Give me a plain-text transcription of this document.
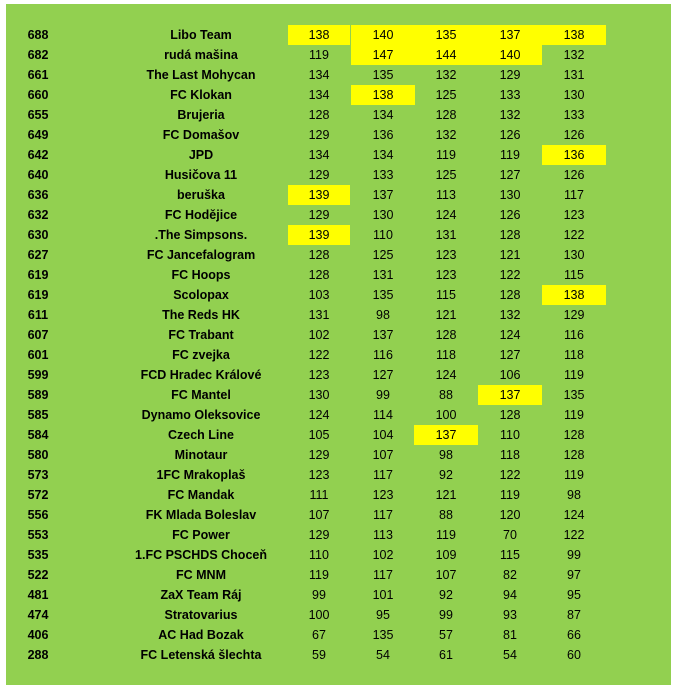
688	Libo Team	138	140	135	137	138
682	rudá mašina	119	147	144	140	132
661	The Last Mohycan	134	135	132	129	131
660	FC Klokan	134	138	125	133	130
655	Brujeria	128	134	128	132	133
649	FC Domašov	129	136	132	126	126
642	JPD	134	134	119	119	136
640	Husičova 11	129	133	125	127	126
636	beruška	139	137	113	130	117
632	FC Hodějice	129	130	124	126	123
630	.The Simpsons.	139	110	131	128	122
627	FC Jancefalogram	128	125	123	121	130
619	FC Hoops	128	131	123	122	115
619	Scolopax	103	135	115	128	138
611	The Reds HK	131	98	121	132	129
607	FC Trabant	102	137	128	124	116
601	FC zvejka	122	116	118	127	118
599	FCD Hradec Králové	123	127	124	106	119
589	FC Mantel	130	99	88	137	135
585	Dynamo Oleksovice	124	114	100	128	119
584	Czech Line	105	104	137	110	128
580	Minotaur	129	107	98	118	128
573	1FC Mrakoplaš	123	117	92	122	119
572	FC Mandak	111	123	121	119	98
556	FK Mlada Boleslav	107	117	88	120	124
553	FC Power	129	113	119	70	122
535	1.FC PSCHDS Choceň	110	102	109	115	99
522	FC MNM	119	117	107	82	97
481	ZaX Team Ráj	99	101	92	94	95
474	Stratovarius	100	95	99	93	87
406	AC Had Bozak	67	135	57	81	66
288	FC Letenská šlechta	59	54	61	54	60
